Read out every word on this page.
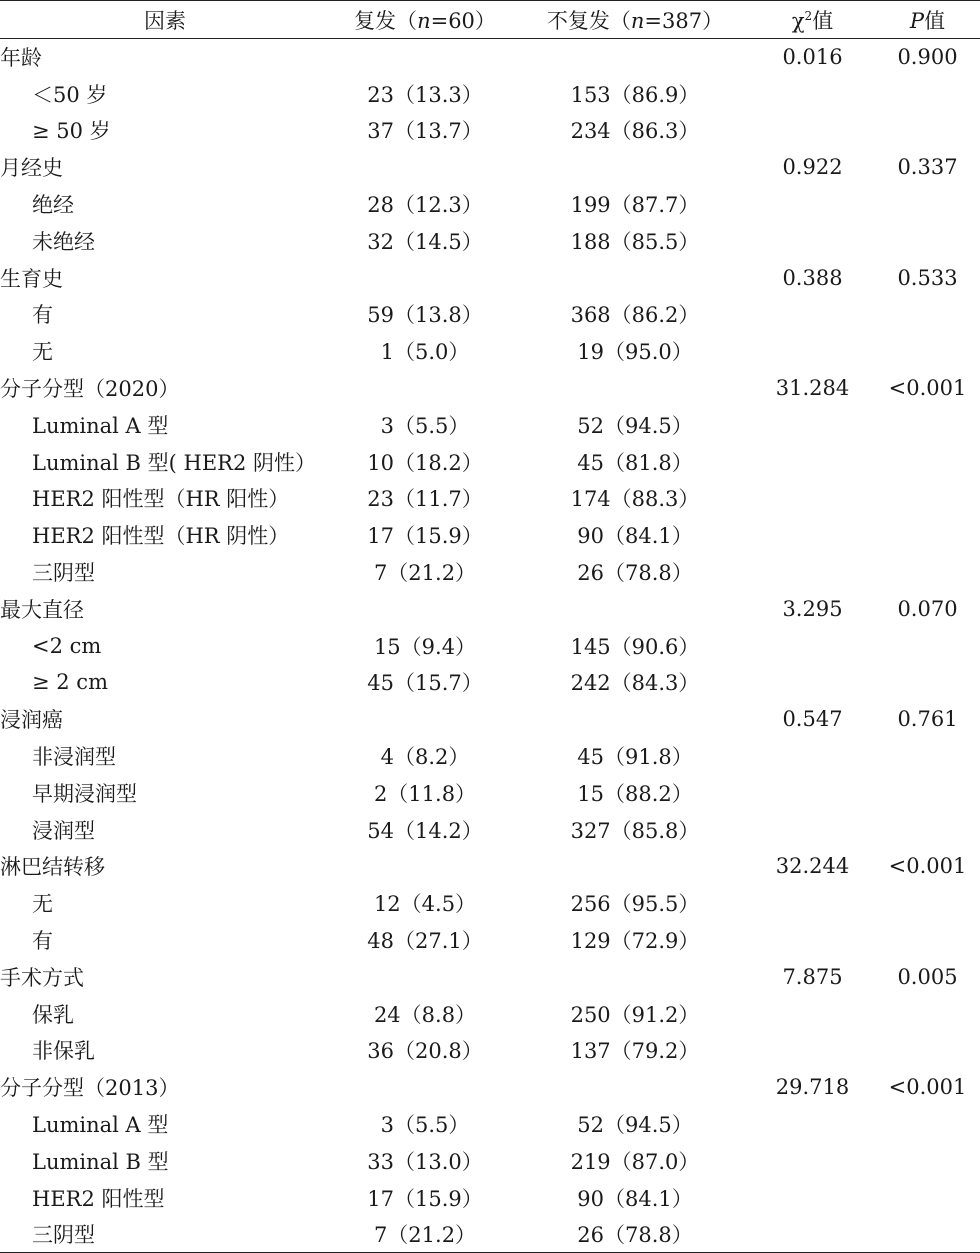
因素	复发（n=60）	不复发（n=387）	$\chi^2$值	P值
年龄			0.016	0.900
＜50 岁	23（13.3）	153（86.9）		
≥ 50 岁	37（13.7）	234（86.3）		
月经史			0.922	0.337
绝经	28（12.3）	199（87.7）		
未绝经	32（14.5）	188（85.5）		
生育史			0.388	0.533
有	59（13.8）	368（86.2）		
无	1（5.0）	19（95.0）		
分子分型（2020）			31.284	<0.001
Luminal A 型	3（5.5）	52（94.5）		
Luminal B 型( HER2 阴性）	10（18.2）	45（81.8）		
HER2 阳性型（HR 阳性）	23（11.7）	174（88.3）		
HER2 阳性型（HR 阴性）	17（15.9）	90（84.1）		
三阴型	7（21.2）	26（78.8）		
最大直径			3.295	0.070
<2 cm	15（9.4）	145（90.6）		
≥ 2 cm	45（15.7）	242（84.3）		
浸润癌			0.547	0.761
非浸润型	4（8.2）	45（91.8）		
早期浸润型	2（11.8）	15（88.2）		
浸润型	54（14.2）	327（85.8）		
淋巴结转移			32.244	<0.001
无	12（4.5）	256（95.5）		
有	48（27.1）	129（72.9）		
手术方式			7.875	0.005
保乳	24（8.8）	250（91.2）		
非保乳	36（20.8）	137（79.2）		
分子分型（2013）			29.718	<0.001
Luminal A 型	3（5.5）	52（94.5）		
Luminal B 型	33（13.0）	219（87.0）		
HER2 阳性型	17（15.9）	90（84.1）		
三阴型	7（21.2）	26（78.8）		
